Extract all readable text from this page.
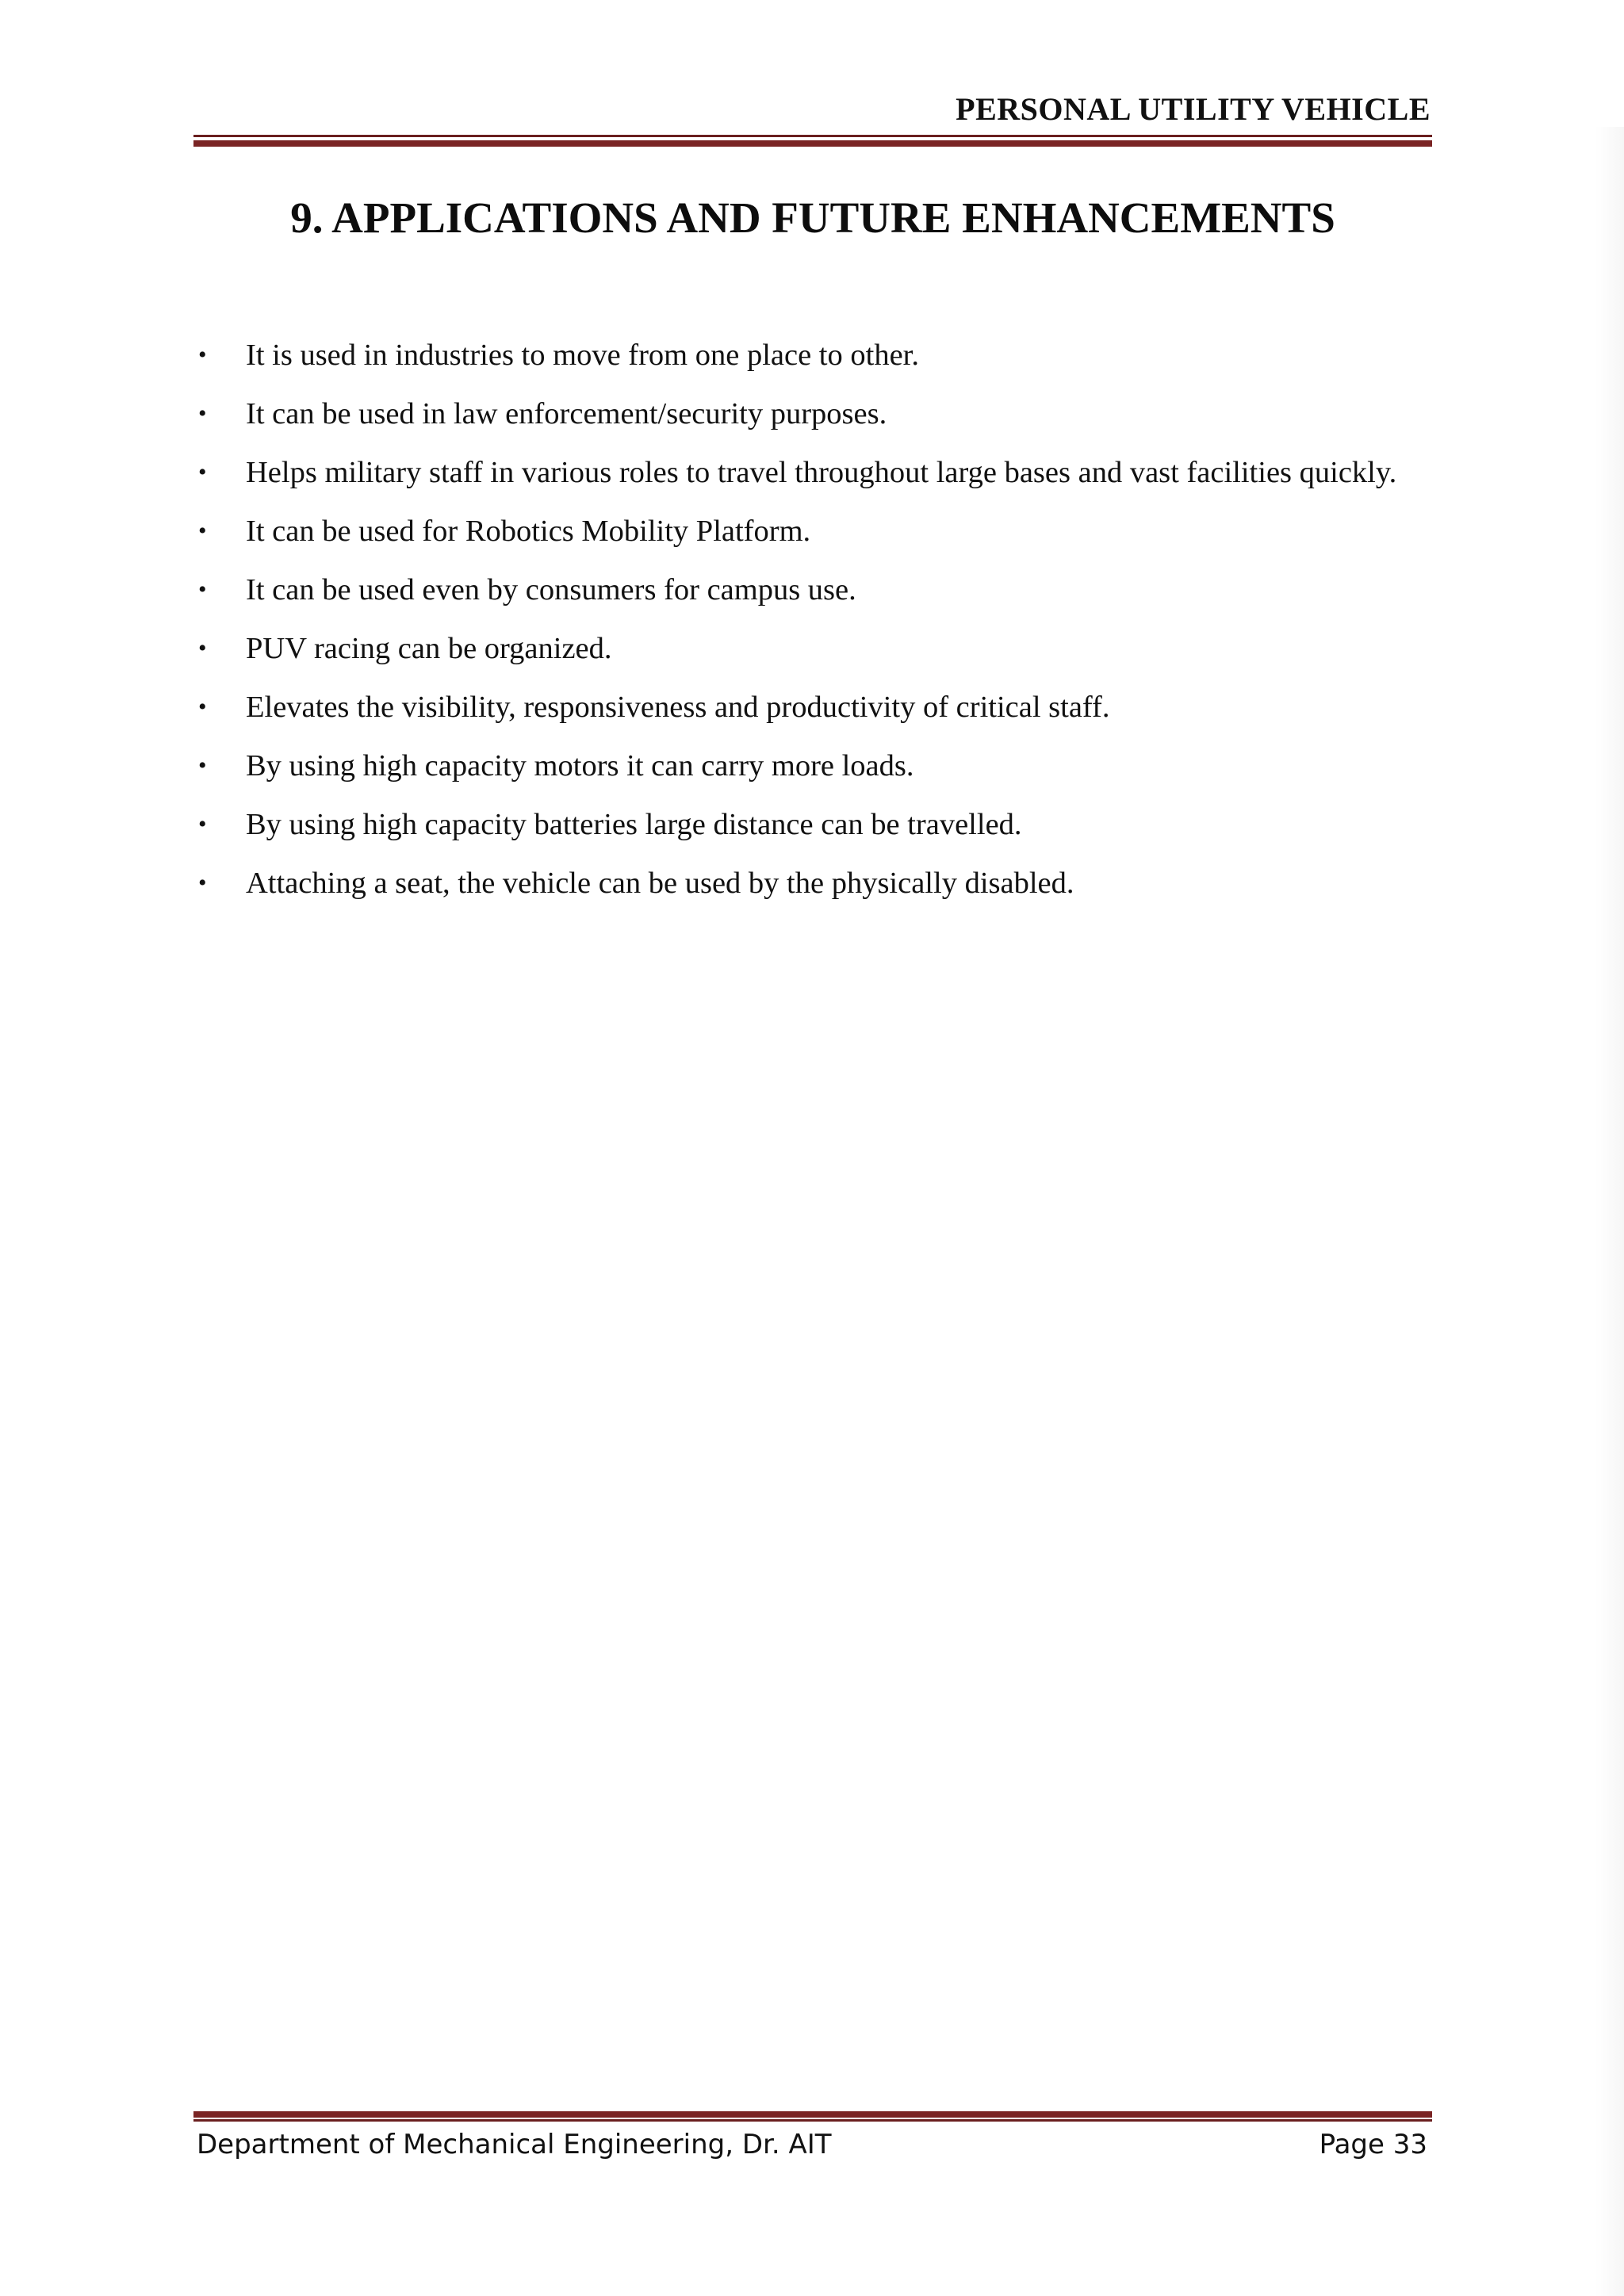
PERSONAL UTILITY VEHICLE
9. APPLICATIONS AND FUTURE ENHANCEMENTS
• It is used in industries to move from one place to other.
• It can be used in law enforcement/security purposes.
• Helps military staff in various roles to travel throughout large bases and vast facilities quickly.
• It can be used for Robotics Mobility Platform.
• It can be used even by consumers for campus use.
• PUV racing can be organized.
• Elevates the visibility, responsiveness and productivity of critical staff.
• By using high capacity motors it can carry more loads.
• By using high capacity batteries large distance can be travelled.
• Attaching a seat, the vehicle can be used by the physically disabled.
Department of Mechanical Engineering, Dr. AIT	Page 33
